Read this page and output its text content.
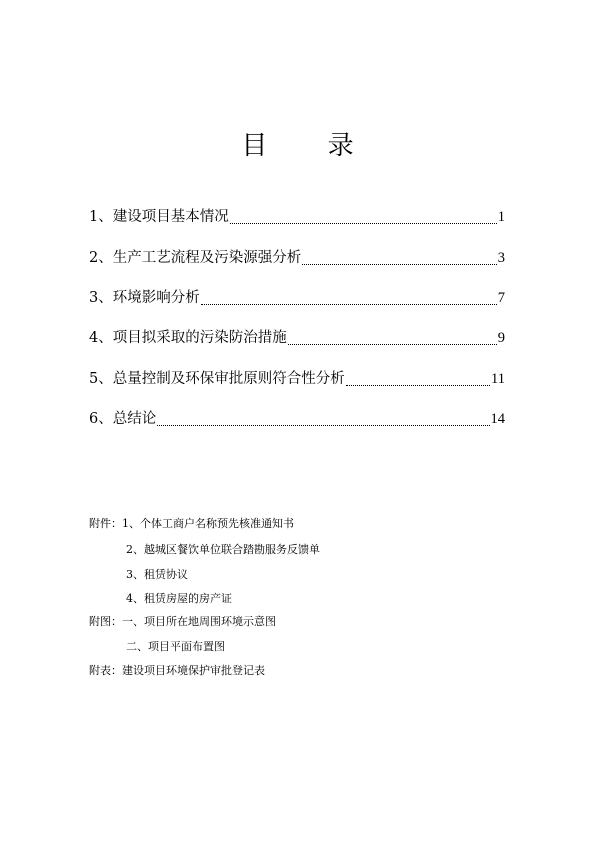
目 录
1、建设项目基本情况	1
2、生产工艺流程及污染源强分析	3
3、环境影响分析	7
4、项目拟采取的污染防治措施	9
5、总量控制及环保审批原则符合性分析	11
6、总结论	14
附件：1、个体工商户名称预先核准通知书
2、越城区餐饮单位联合踏勘服务反馈单
3、租赁协议
4、租赁房屋的房产证
附图：一、项目所在地周围环境示意图
二、项目平面布置图
附表：建设项目环境保护审批登记表
